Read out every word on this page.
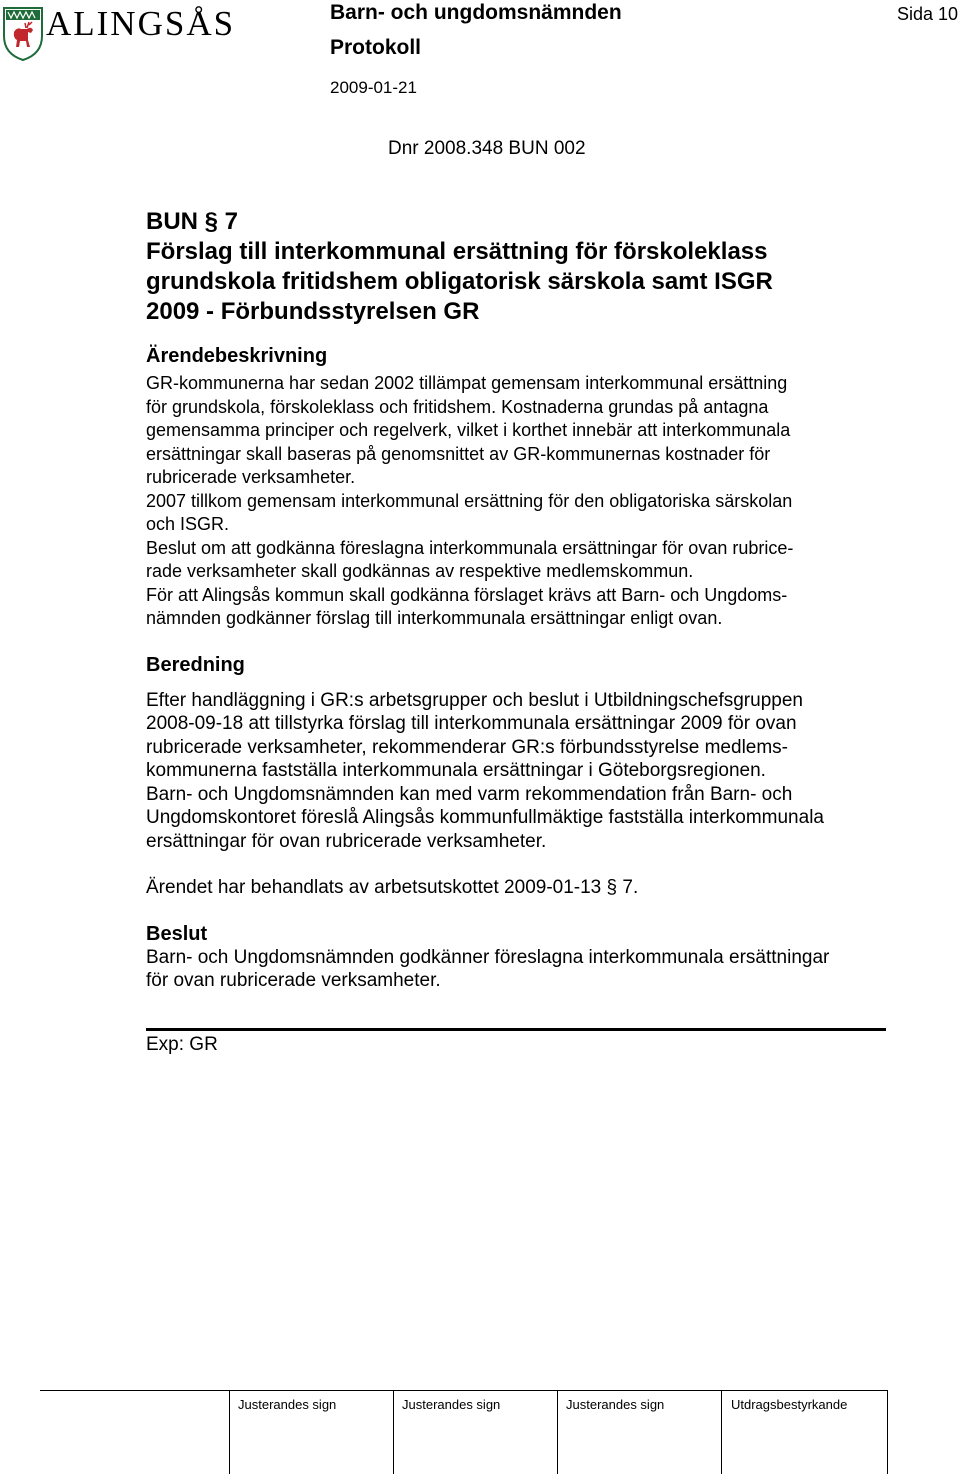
ALINGSÅS	Barn- och ungdomsnämnden
Protokoll
2009-01-21
Sida 10
Dnr 2008.348 BUN 002

BUN § 7

Förslag till interkommunal ersättning för förskoleklass

grundskola fritidshem obligatorisk särskola samt ISGR

2009 - Förbundsstyrelsen GR

Ärendebeskrivning

GR-kommunerna har sedan 2002 tillämpat gemensam interkommunal ersättning

för grundskola, förskoleklass och fritidshem. Kostnaderna grundas på antagna

gemensamma principer och regelverk, vilket i korthet innebär att interkommunala

ersättningar skall baseras på genomsnittet av GR-kommunernas kostnader för

rubricerade verksamheter.

2007 tillkom gemensam interkommunal ersättning för den obligatoriska särskolan

och ISGR.

Beslut om att godkänna föreslagna interkommunala ersättningar för ovan rubrice-

rade verksamheter skall godkännas av respektive medlemskommun.

För att Alingsås kommun skall godkänna förslaget krävs att Barn- och Ungdoms-

nämnden godkänner förslag till interkommunala ersättningar enligt ovan.

Beredning

Efter handläggning i GR:s arbetsgrupper och beslut i Utbildningschefsgruppen

2008-09-18 att tillstyrka förslag till interkommunala ersättningar 2009 för ovan

rubricerade verksamheter, rekommenderar GR:s förbundsstyrelse medlems-

kommunerna fastställa interkommunala ersättningar i Göteborgsregionen.

Barn- och Ungdomsnämnden kan med varm rekommendation från Barn- och

Ungdomskontoret föreslå Alingsås kommunfullmäktige fastställa interkommunala

ersättningar för ovan rubricerade verksamheter.

Ärendet har behandlats av arbetsutskottet 2009-01-13 § 7.

Beslut

Barn- och Ungdomsnämnden godkänner föreslagna interkommunala ersättningar

för ovan rubricerade verksamheter.

Exp: GR
Justerandes sign	Justerandes sign	Justerandes sign	Utdragsbestyrkande
